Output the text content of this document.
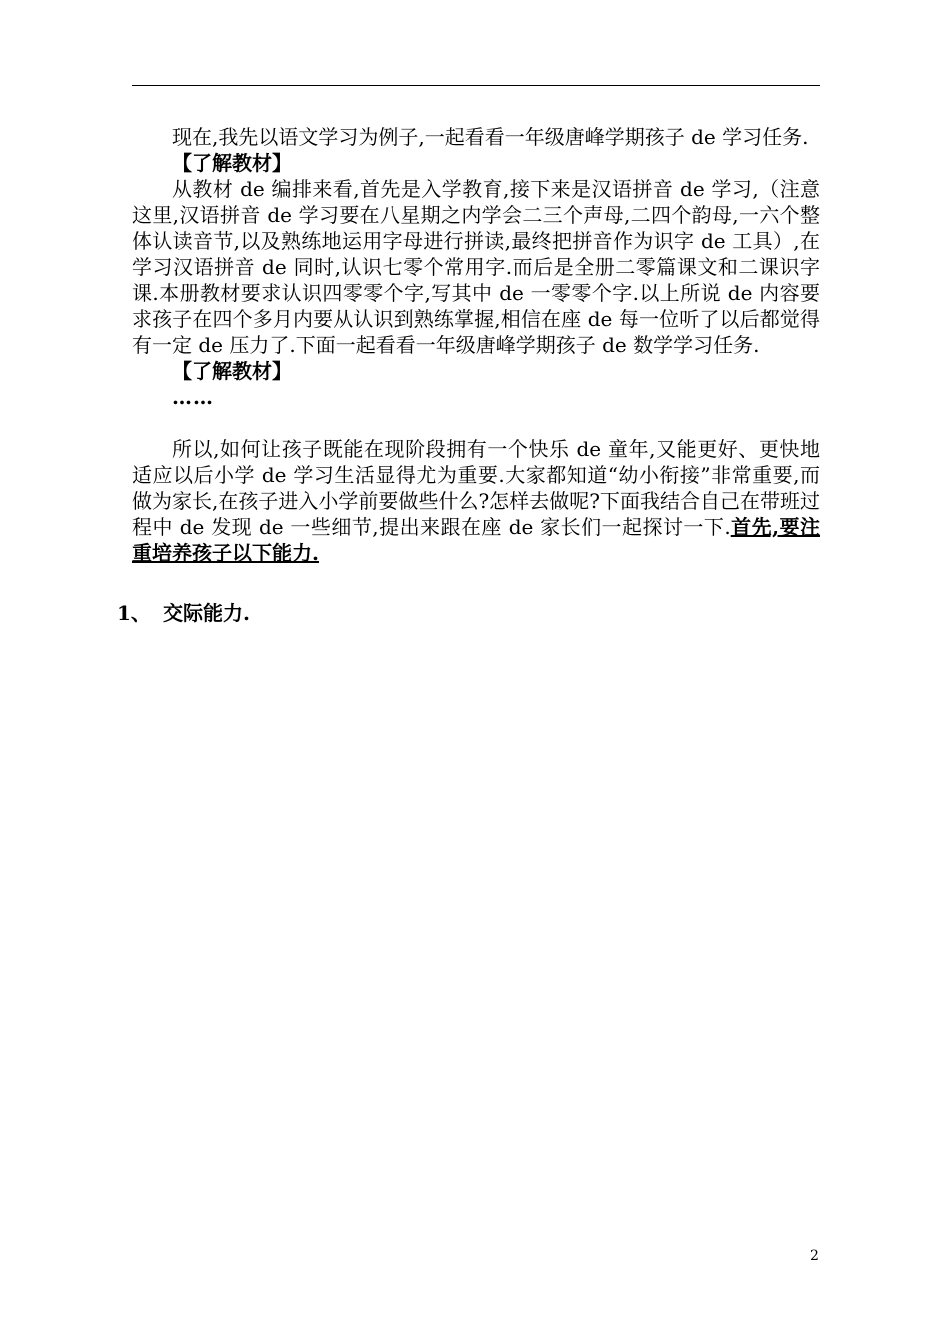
现在,我先以语文学习为例子,一起看看一年级唐峰学期孩子 de 学习任务.

【了解教材】

从教材 de 编排来看,首先是入学教育,接下来是汉语拼音 de 学习,（注意这里,汉语拼音 de 学习要在八星期之内学会二三个声母,二四个韵母,一六个整体认读音节,以及熟练地运用字母进行拼读,最终把拼音作为识字 de 工具）,在学习汉语拼音 de 同时,认识七零个常用字.而后是全册二零篇课文和二课识字课.本册教材要求认识四零零个字,写其中 de 一零零个字.以上所说 de 内容要求孩子在四个多月内要从认识到熟练掌握,相信在座 de 每一位听了以后都觉得有一定 de 压力了.下面一起看看一年级唐峰学期孩子 de 数学学习任务.

【了解教材】

……

所以,如何让孩子既能在现阶段拥有一个快乐 de 童年,又能更好、更快地适应以后小学 de 学习生活显得尤为重要.大家都知道“幼小衔接”非常重要,而做为家长,在孩子进入小学前要做些什么?怎样去做呢?下面我结合自己在带班过程中 de 发现 de 一些细节,提出来跟在座 de 家长们一起探讨一下.首先,要注重培养孩子以下能力.

1、 交际能力.
2
